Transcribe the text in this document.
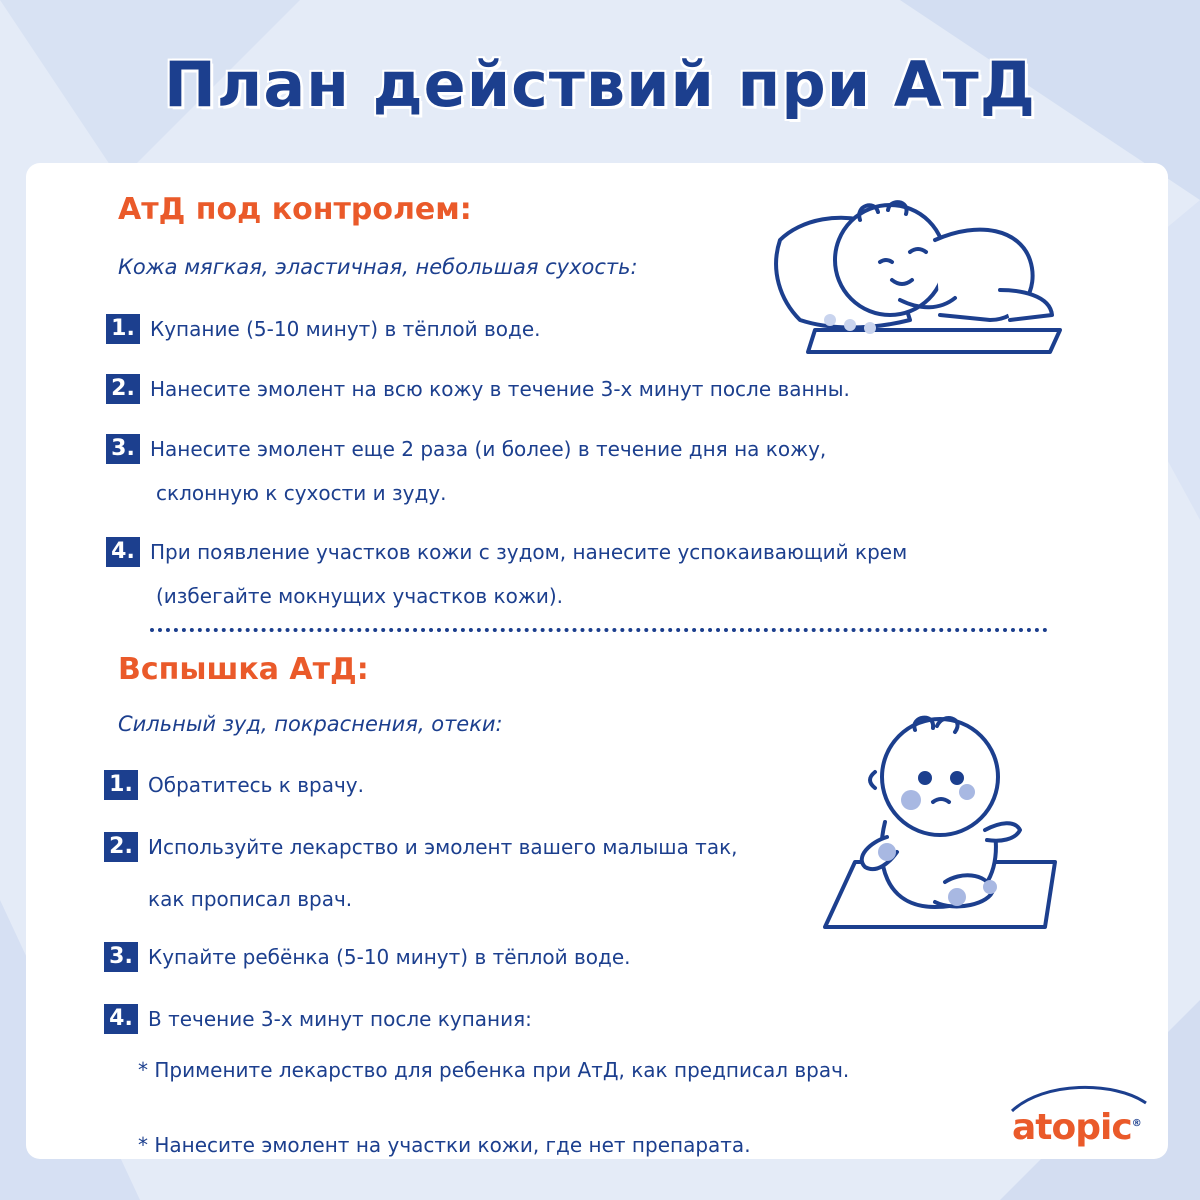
План действий при АтД
АтД под контролем:
Кожа мягкая, эластичная, небольшая сухость:
1. Купание (5-10 минут) в тёплой воде.
2. Нанесите эмолент на всю кожу в течение 3-х минут после ванны.
3. Нанесите эмолент еще 2 раза (и более) в течение дня на кожу,
склонную к сухости и зуду.
4. При появление участков кожи с зудом, нанесите успокаивающий крем
(избегайте мокнущих участков кожи).
Вспышка АтД:
Сильный зуд, покраснения, отеки:
1. Обратитесь к врачу.
2. Используйте лекарство и эмолент вашего малыша так,
как прописал врач.
3. Купайте ребёнка (5-10 минут) в тёплой воде.
4. В течение 3-х минут после купания:
* Примените лекарство для ребенка при АтД, как предписал врач.
* Нанесите эмолент на участки кожи, где нет препарата.	atopic®
